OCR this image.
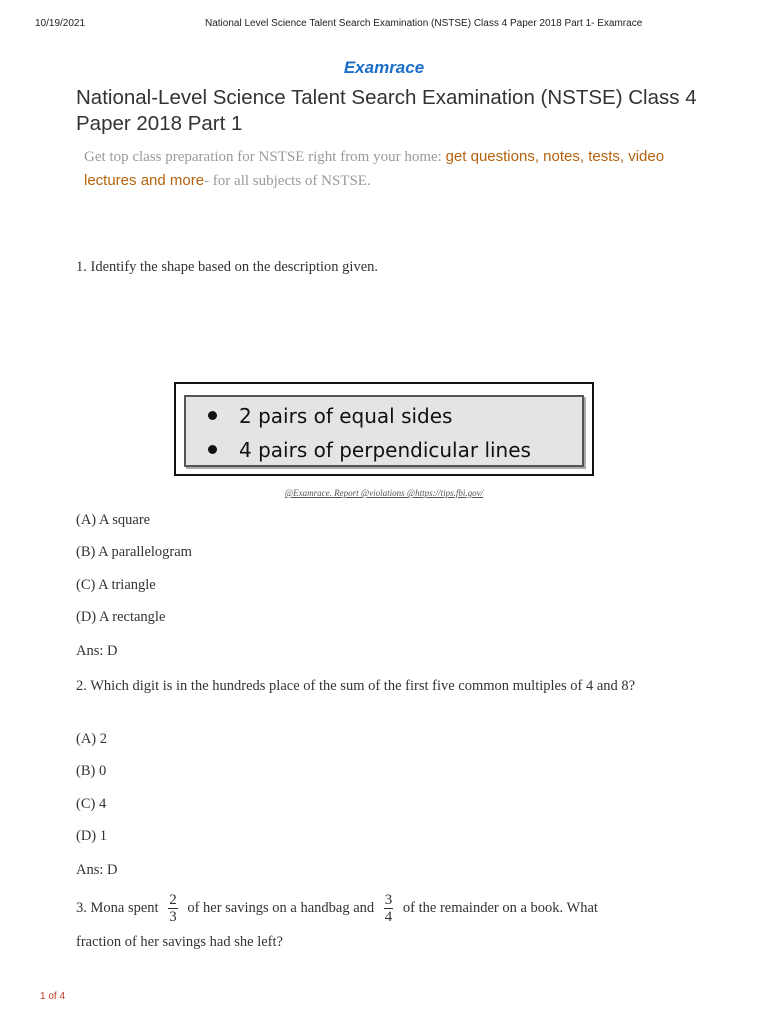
10/19/2021	National Level Science Talent Search Examination (NSTSE) Class 4 Paper 2018 Part 1- Examrace
Examrace
National-Level Science Talent Search Examination (NSTSE) Class 4 Paper 2018 Part 1
Get top class preparation for NSTSE right from your home: get questions, notes, tests, video lectures and more- for all subjects of NSTSE.
1. Identify the shape based on the description given.
2 pairs of equal sides
4 pairs of perpendicular lines
@Examrace. Report @violations @https://tips.fbi.gov/
(A) A square
(B) A parallelogram
(C) A triangle
(D) A rectangle
Ans: D
2. Which digit is in the hundreds place of the sum of the first five common multiples of 4 and 8?
(A) 2
(B) 0
(C) 4
(D) 1
Ans: D
3. Mona spent $\frac{2}{3}$ of her savings on a handbag and $\frac{3}{4}$ of the remainder on a book. What
fraction of her savings had she left?
1 of 4
